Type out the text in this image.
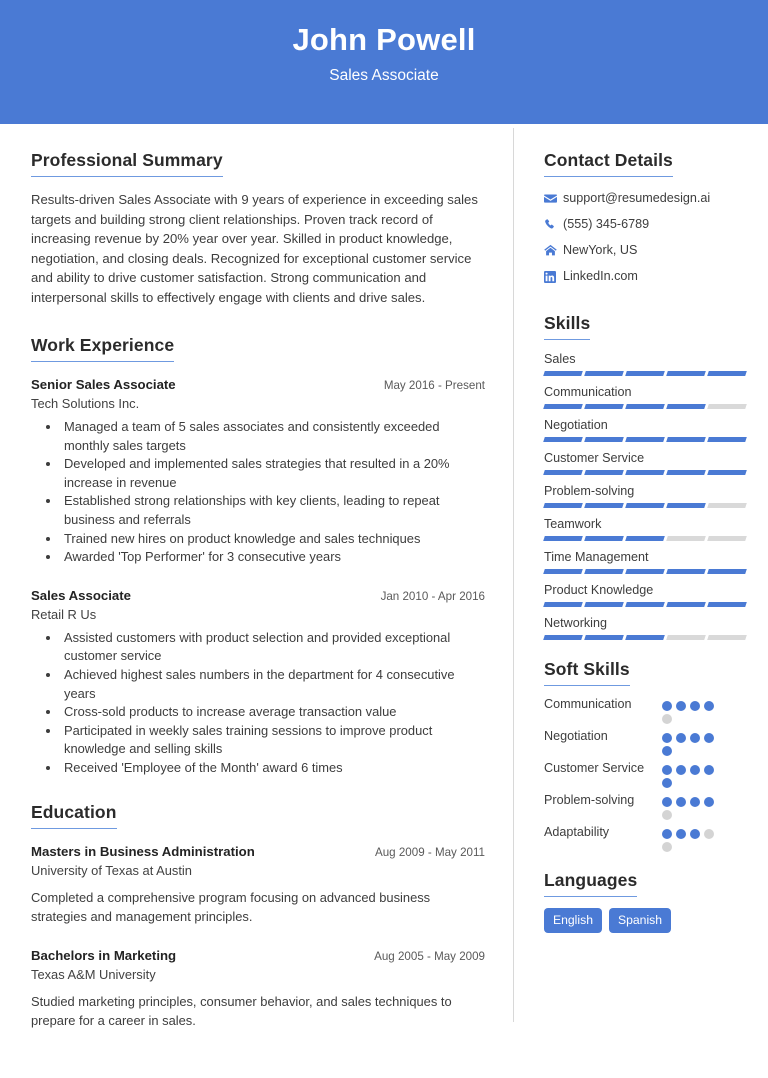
John Powell
Sales Associate
Professional Summary

Results-driven Sales Associate with 9 years of experience in exceeding sales targets and building strong client relationships. Proven track record of increasing revenue by 20% year over year. Skilled in product knowledge, negotiation, and closing deals. Recognized for exceptional customer service and ability to drive customer satisfaction. Strong communication and interpersonal skills to effectively engage with clients and drive sales.

Work Experience
Senior Sales Associate	May 2016 - Present
Tech Solutions Inc.
• Managed a team of 5 sales associates and consistently exceeded monthly sales targets
• Developed and implemented sales strategies that resulted in a 20% increase in revenue
• Established strong relationships with key clients, leading to repeat business and referrals
• Trained new hires on product knowledge and sales techniques
• Awarded 'Top Performer' for 3 consecutive years
Sales Associate	Jan 2010 - Apr 2016
Retail R Us
• Assisted customers with product selection and provided exceptional customer service
• Achieved highest sales numbers in the department for 4 consecutive years
• Cross-sold products to increase average transaction value
• Participated in weekly sales training sessions to improve product knowledge and selling skills
• Received 'Employee of the Month' award 6 times
Education
Masters in Business Administration	Aug 2009 - May 2011
University of Texas at Austin

Completed a comprehensive program focusing on advanced business strategies and management principles.

Bachelors in Marketing	Aug 2005 - May 2009
Texas A&M University

Studied marketing principles, consumer behavior, and sales techniques to prepare for a career in sales.

Contact Details
support@resumedesign.ai
(555) 345-6789
NewYork, US
LinkedIn.com
Skills
Sales
Communication
Negotiation
Customer Service
Problem-solving
Teamwork
Time Management
Product Knowledge
Networking
Soft Skills
Communication
Negotiation
Customer Service
Problem-solving
Adaptability
Languages
English	Spanish
